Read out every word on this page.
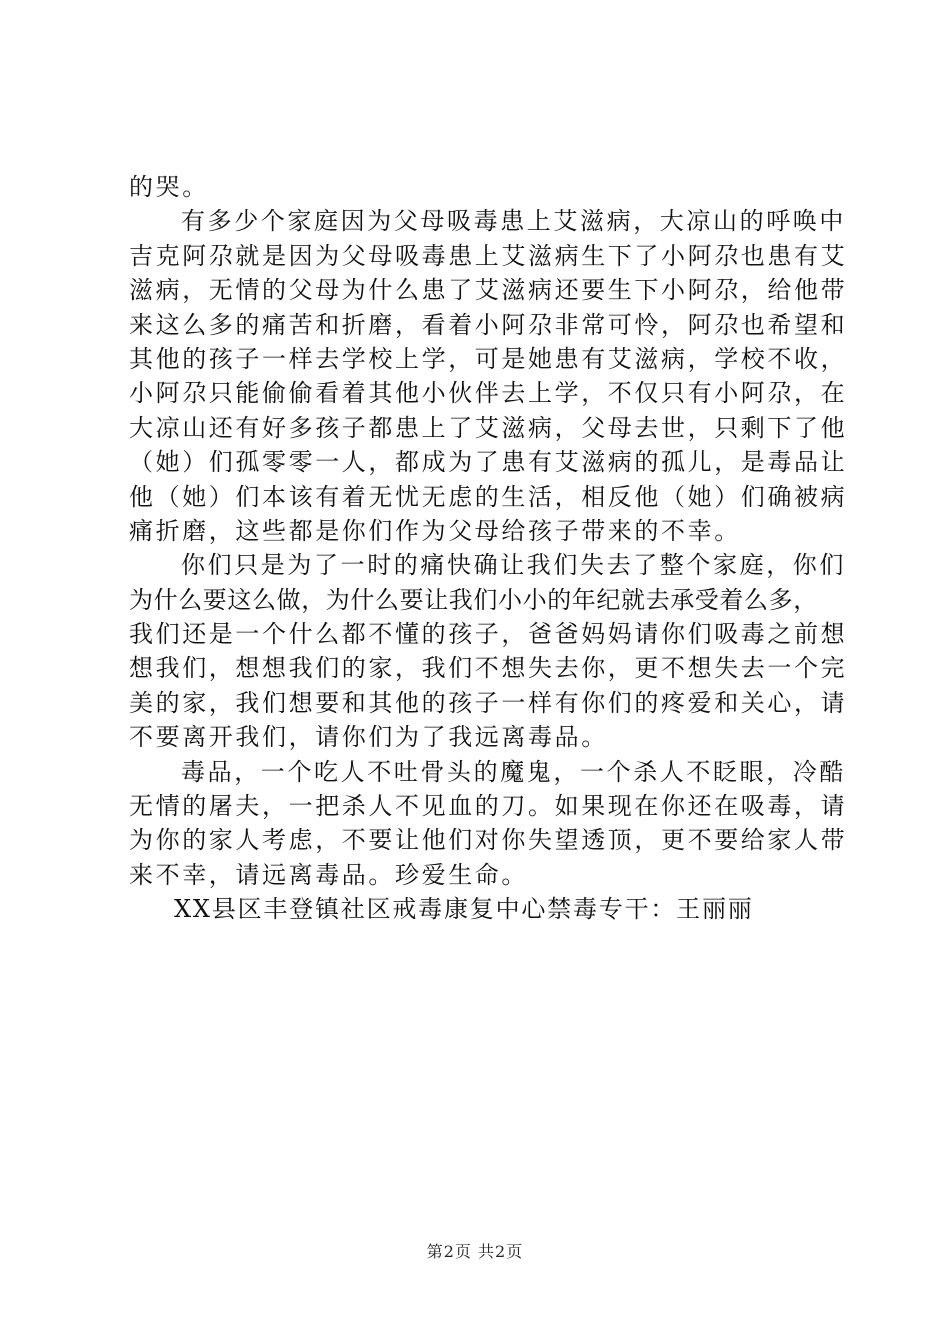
的哭。
有多少个家庭因为父母吸毒患上艾滋病，大凉山的呼唤中
吉克阿尕就是因为父母吸毒患上艾滋病生下了小阿尕也患有艾
滋病，无情的父母为什么患了艾滋病还要生下小阿尕，给他带
来这么多的痛苦和折磨，看着小阿尕非常可怜，阿尕也希望和
其他的孩子一样去学校上学，可是她患有艾滋病，学校不收，
小阿尕只能偷偷看着其他小伙伴去上学，不仅只有小阿尕，在
大凉山还有好多孩子都患上了艾滋病，父母去世，只剩下了他
（她）们孤零零一人，都成为了患有艾滋病的孤儿，是毒品让
他（她）们本该有着无忧无虑的生活，相反他（她）们确被病
痛折磨，这些都是你们作为父母给孩子带来的不幸。
你们只是为了一时的痛快确让我们失去了整个家庭，你们
为什么要这么做，为什么要让我们小小的年纪就去承受着么多，
我们还是一个什么都不懂的孩子，爸爸妈妈请你们吸毒之前想
想我们，想想我们的家，我们不想失去你，更不想失去一个完
美的家，我们想要和其他的孩子一样有你们的疼爱和关心，请
不要离开我们，请你们为了我远离毒品。
毒品，一个吃人不吐骨头的魔鬼，一个杀人不眨眼，冷酷
无情的屠夫，一把杀人不见血的刀。如果现在你还在吸毒，请
为你的家人考虑，不要让他们对你失望透顶，更不要给家人带
来不幸，请远离毒品。珍爱生命。
XX县区丰登镇社区戒毒康复中心禁毒专干：王丽丽
第2页 共2页
